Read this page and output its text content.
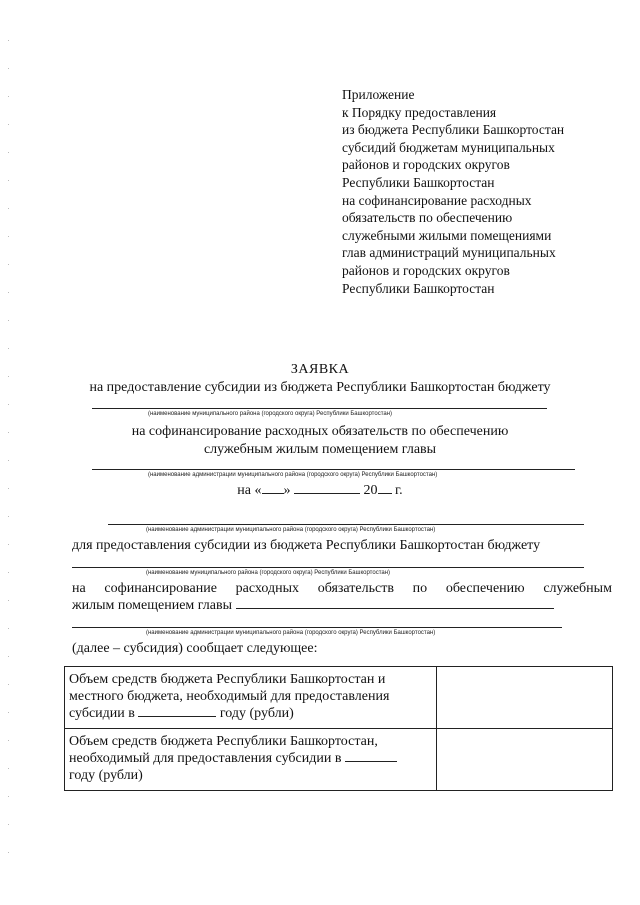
Приложение
к Порядку предоставления
из бюджета Республики Башкортостан
субсидий бюджетам муниципальных
районов и городских округов
Республики Башкортостан
на софинансирование расходных
обязательств по обеспечению
служебными жилыми помещениями
глав администраций муниципальных
районов и городских округов
Республики Башкортостан
ЗАЯВКА
на предоставление субсидии из бюджета Республики Башкортостан бюджету
(наименование муниципального района (городского округа) Республики Башкортостан)
на софинансирование расходных обязательств по обеспечению
служебным жилым помещением главы
(наименование администрации муниципального района (городского округа) Республики Башкортостан)
на « »	20 г.
(наименование администрации муниципального района (городского округа) Республики Башкортостан)
для предоставления субсидии из бюджета Республики Башкортостан бюджету
(наименование муниципального района (городского округа) Республики Башкортостан)
на софинансирование расходных обязательств по обеспечению служебным
жилым помещением главы
(наименование администрации муниципального района (городского округа) Республики Башкортостан)
(далее – субсидия) сообщает следующее:
Объем средств бюджета Республики Башкортостан и
местного бюджета, необходимый для предоставления
субсидии в году (рубли)	

Объем средств бюджета Республики Башкортостан,
необходимый для предоставления субсидии в
году (рубли)	
